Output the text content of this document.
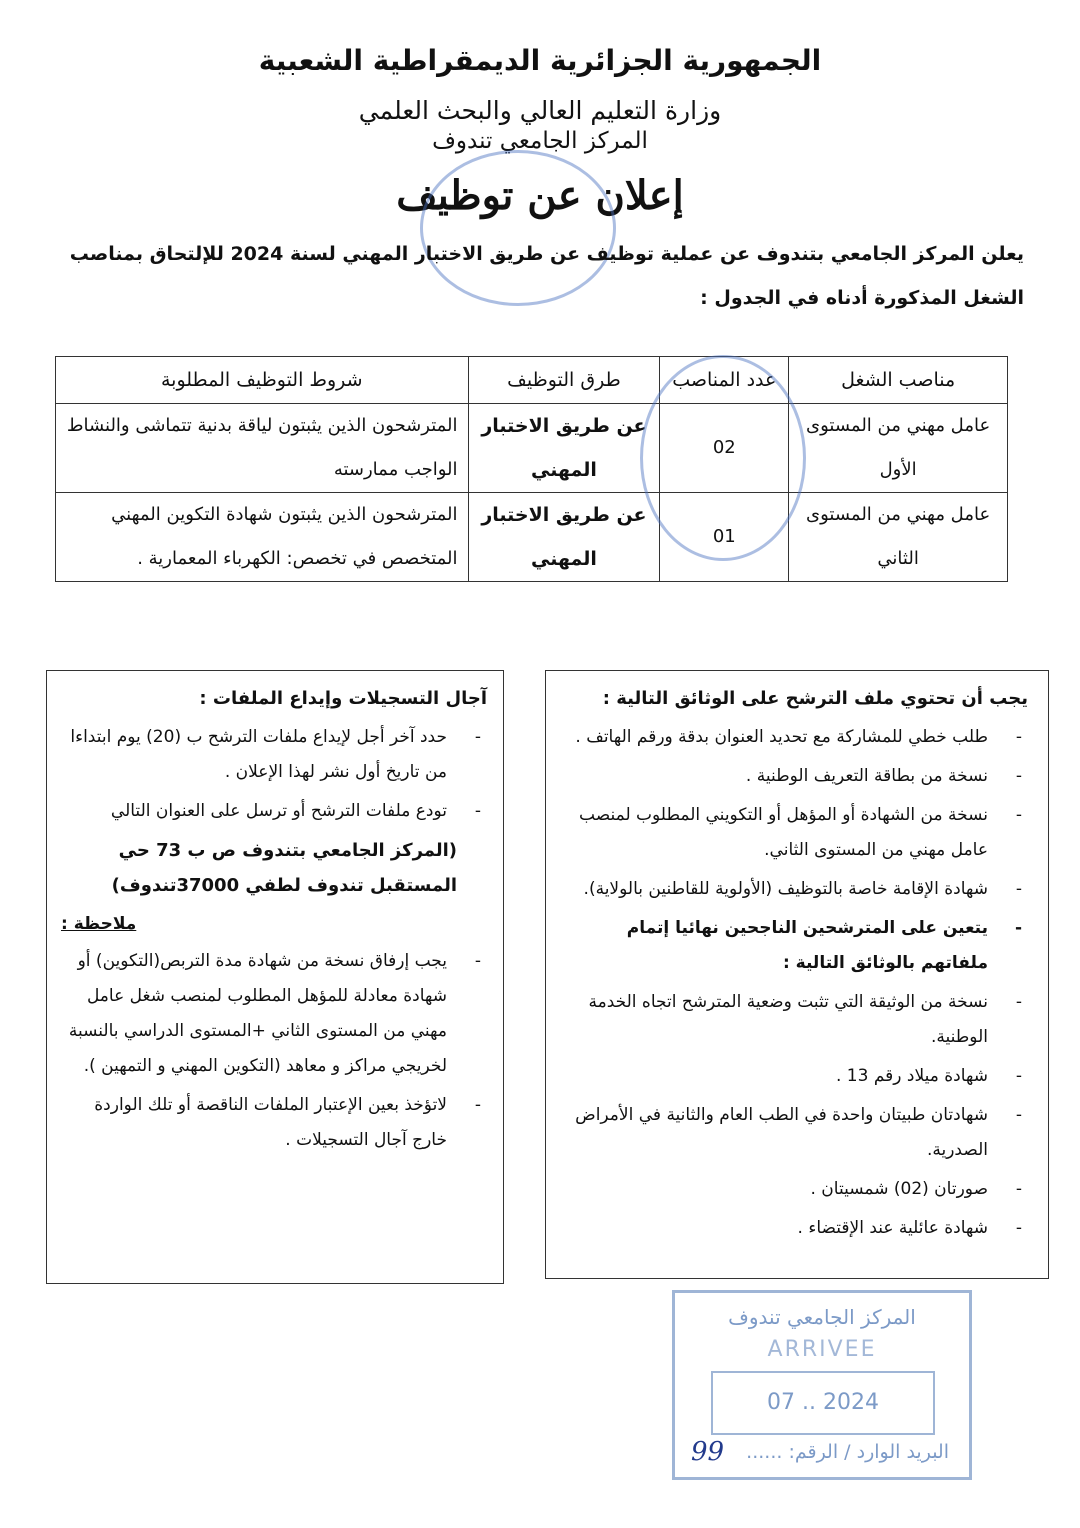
الجمهورية الجزائرية الديمقراطية الشعبية
وزارة التعليم العالي والبحث العلمي
المركز الجامعي تندوف
إعلان عن توظيف
يعلن المركز الجامعي بتندوف عن عملية توظيف عن طريق الاختبار المهني لسنة 2024 للإلتحاق بمناصب الشغل المذكورة أدناه في الجدول :
مناصب الشغل	عدد المناصب	طرق التوظيف	شروط التوظيف المطلوبة
عامل مهني من المستوى الأول	02	عن طريق الاختبار المهني	المترشحون الذين يثبتون لياقة بدنية تتماشى والنشاط الواجب ممارسته
عامل مهني من المستوى الثاني	01	عن طريق الاختبار المهني	المترشحون الذين يثبتون شهادة التكوين المهني المتخصص في تخصص: الكهرباء المعمارية .
يجب أن تحتوي ملف الترشح على الوثائق التالية :
- طلب خطي للمشاركة مع تحديد العنوان بدقة ورقم الهاتف .
- نسخة من بطاقة التعريف الوطنية .
- نسخة من الشهادة أو المؤهل أو التكويني المطلوب لمنصب عامل مهني من المستوى الثاني.
- شهادة الإقامة خاصة بالتوظيف (الأولوية للقاطنين بالولاية).
- يتعين على المترشحين الناجحين نهائيا إتمام ملفاتهم بالوثائق التالية :
- نسخة من الوثيقة التي تثبت وضعية المترشح اتجاه الخدمة الوطنية.
- شهادة ميلاد رقم 13 .
- شهادتان طبيتان واحدة في الطب العام والثانية في الأمراض الصدرية.
- صورتان (02) شمسيتان .
- شهادة عائلية عند الإقتضاء .
آجال التسجيلات وإيداع الملفات :
- حدد آخر أجل لإيداع ملفات الترشح ب (20) يوم ابتداءا من تاريخ أول نشر لهذا الإعلان .
- تودع ملفات الترشح أو ترسل على العنوان التالي
(المركز الجامعي بتندوف ص ب 73 حي المستقبل تندوف لطفي 37000تندوف)
ملاحظة :
- يجب إرفاق نسخة من شهادة مدة التربص(التكوين) أو شهادة معادلة للمؤهل المطلوب لمنصب شغل عامل مهني من المستوى الثاني +المستوى الدراسي بالنسبة لخريجي مراكز و معاهد (التكوين المهني و التمهين ).
- لاتؤخذ بعين الإعتبار الملفات الناقصة أو تلك الواردة خارج آجال التسجيلات .
المركز الجامعي تندوف
ARRIVEE
07 .. 2024
البريد الوارد / الرقم: ......
99
